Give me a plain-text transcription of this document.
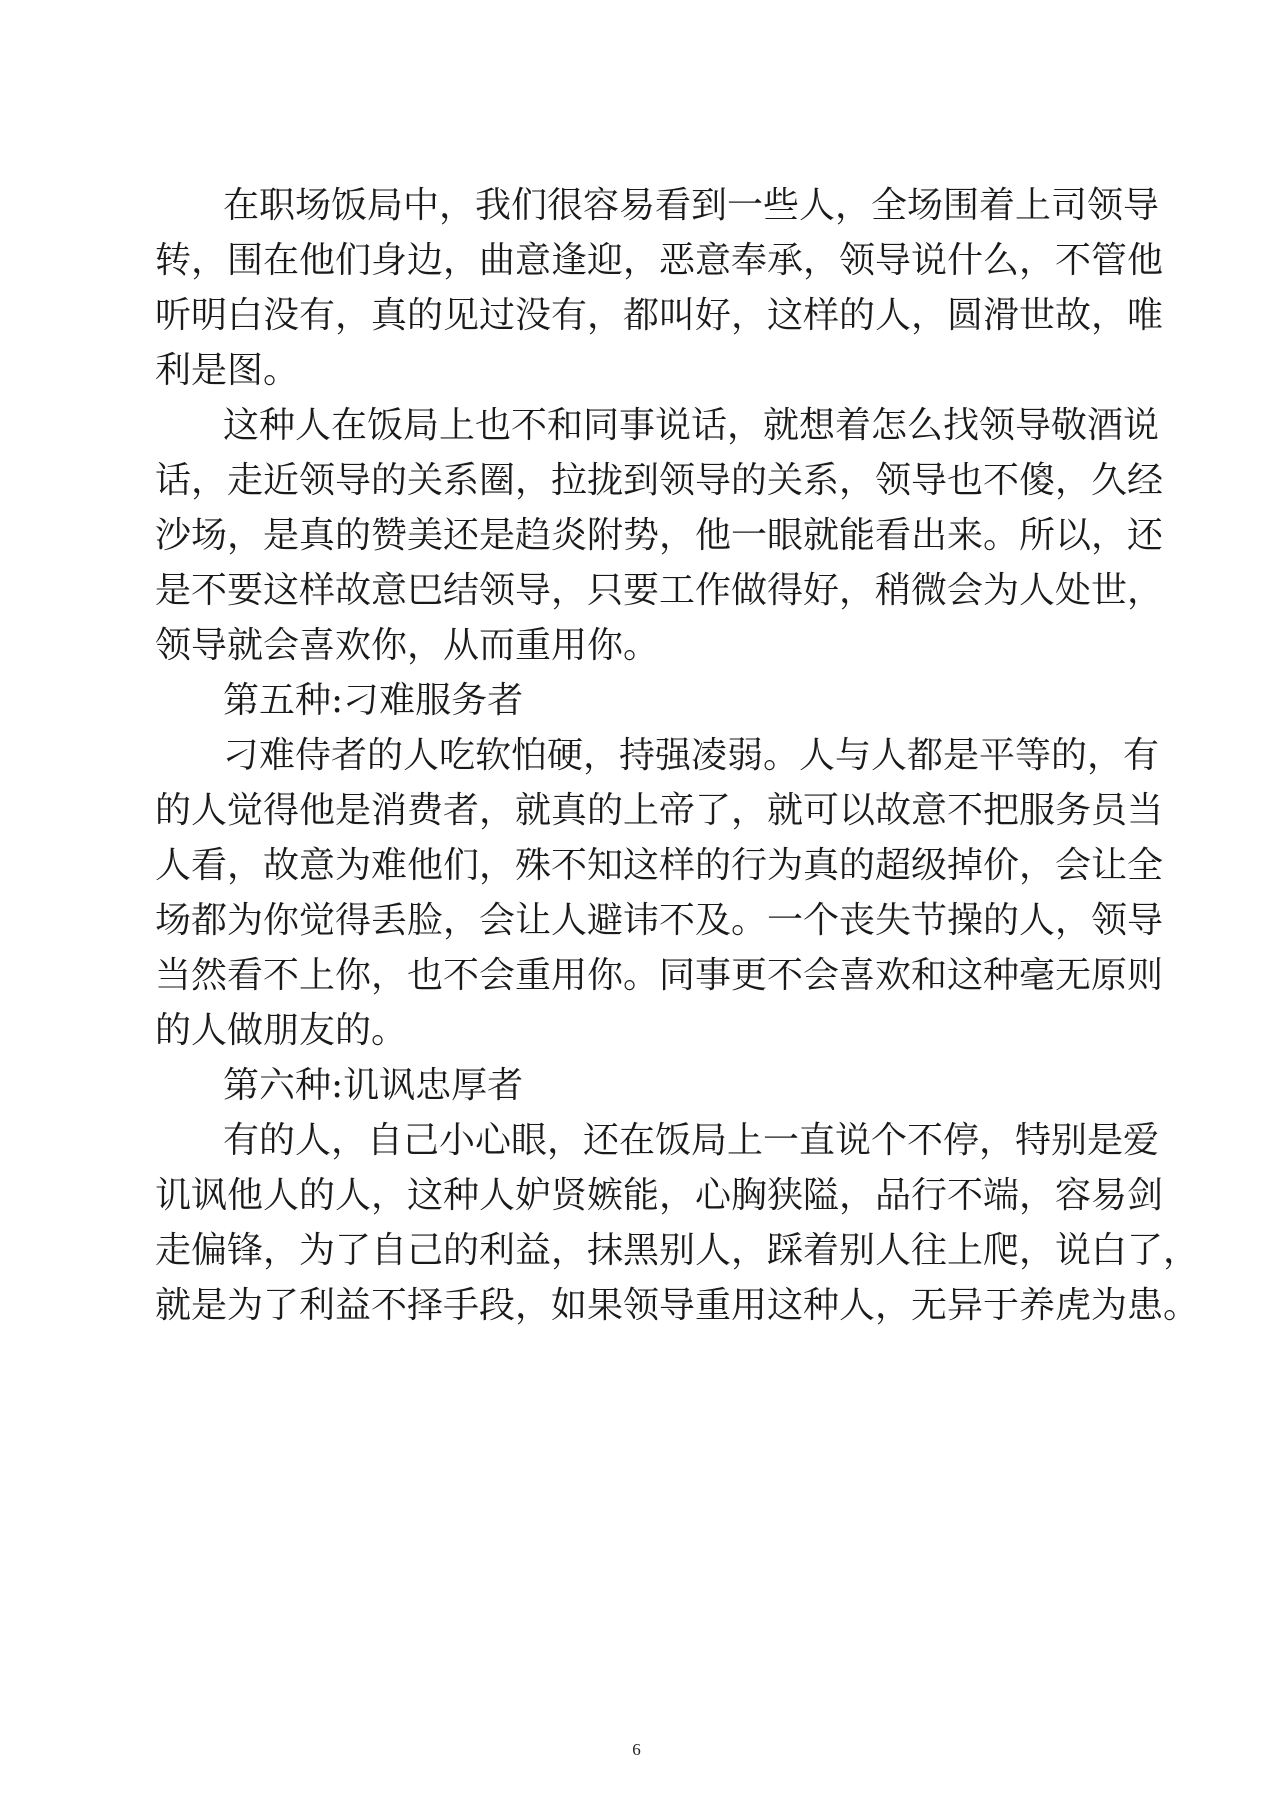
在职场饭局中，我们很容易看到一些人，全场围着上司领导
转，围在他们身边，曲意逢迎，恶意奉承，领导说什么，不管他
听明白没有，真的见过没有，都叫好，这样的人，圆滑世故，唯
利是图。
这种人在饭局上也不和同事说话，就想着怎么找领导敬酒说
话，走近领导的关系圈，拉拢到领导的关系，领导也不傻，久经
沙场，是真的赞美还是趋炎附势，他一眼就能看出来。所以，还
是不要这样故意巴结领导，只要工作做得好，稍微会为人处世，
领导就会喜欢你，从而重用你。
第五种:刁难服务者
刁难侍者的人吃软怕硬，持强凌弱。人与人都是平等的，有
的人觉得他是消费者，就真的上帝了，就可以故意不把服务员当
人看，故意为难他们，殊不知这样的行为真的超级掉价，会让全
场都为你觉得丢脸，会让人避讳不及。一个丧失节操的人，领导
当然看不上你，也不会重用你。同事更不会喜欢和这种毫无原则
的人做朋友的。
第六种:讥讽忠厚者
有的人，自己小心眼，还在饭局上一直说个不停，特别是爱
讥讽他人的人，这种人妒贤嫉能，心胸狭隘，品行不端，容易剑
走偏锋，为了自己的利益，抹黑别人，踩着别人往上爬，说白了，
就是为了利益不择手段，如果领导重用这种人，无异于养虎为患。
6
